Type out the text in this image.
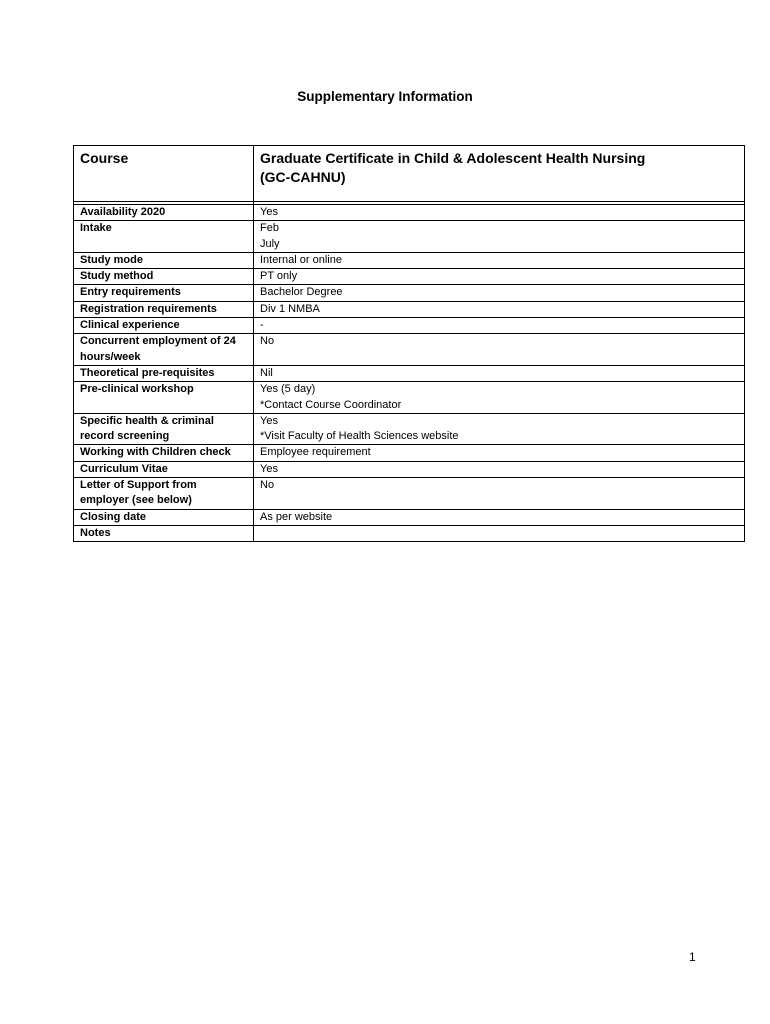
Supplementary Information
Course	Graduate Certificate in Child & Adolescent Health Nursing
(GC-CAHNU)

Availability 2020	Yes

Intake	Feb
July

Study mode	Internal or online

Study method	PT only

Entry requirements	Bachelor Degree

Registration requirements	Div 1 NMBA

Clinical experience	-

Concurrent employment of 24
hours/week	No

Theoretical pre-requisites	Nil

Pre-clinical workshop	Yes (5 day)
*Contact Course Coordinator

Specific health & criminal
record screening	Yes
*Visit Faculty of Health Sciences website

Working with Children check	Employee requirement

Curriculum Vitae	Yes

Letter of Support from
employer (see below)	No

Closing date	As per website

Notes	

1
